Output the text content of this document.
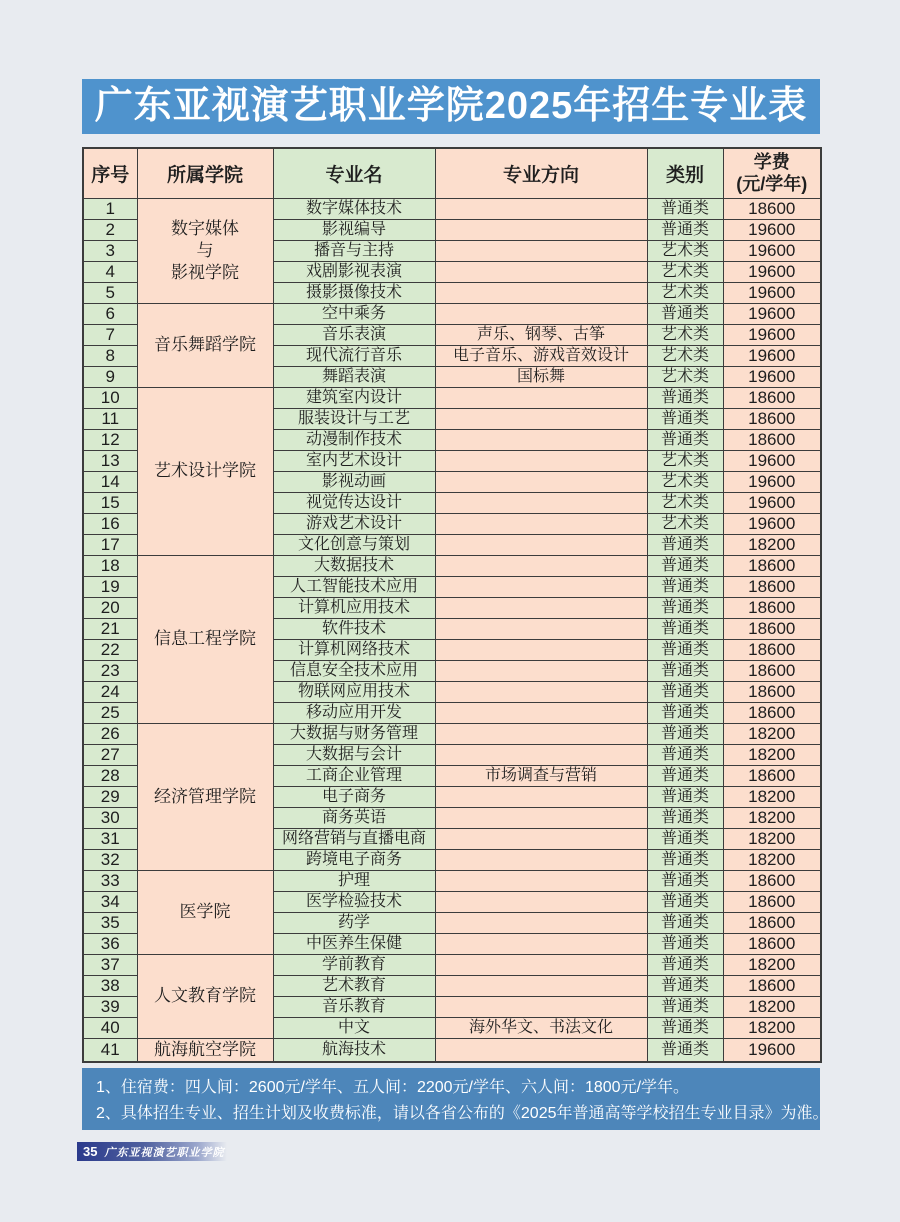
广东亚视演艺职业学院2025年招生专业表
序号	所属学院	专业名	专业方向	类别	学费
(元/学年)

1	数字媒体
与
影视学院	数字媒体技术		普通类	18600
2		影视编导		普通类	19600
3		播音与主持		艺术类	19600
4		戏剧影视表演		艺术类	19600
5		摄影摄像技术		艺术类	19600
6	音乐舞蹈学院	空中乘务		普通类	19600
7		音乐表演	声乐、钢琴、古筝	艺术类	19600
8		现代流行音乐	电子音乐、游戏音效设计	艺术类	19600
9		舞蹈表演	国标舞	艺术类	19600
10	艺术设计学院	建筑室内设计		普通类	18600
11		服装设计与工艺		普通类	18600
12		动漫制作技术		普通类	18600
13		室内艺术设计		艺术类	19600
14		影视动画		艺术类	19600
15		视觉传达设计		艺术类	19600
16		游戏艺术设计		艺术类	19600
17		文化创意与策划		普通类	18200
18	信息工程学院	大数据技术		普通类	18600
19		人工智能技术应用		普通类	18600
20		计算机应用技术		普通类	18600
21		软件技术		普通类	18600
22		计算机网络技术		普通类	18600
23		信息安全技术应用		普通类	18600
24		物联网应用技术		普通类	18600
25		移动应用开发		普通类	18600
26	经济管理学院	大数据与财务管理		普通类	18200
27		大数据与会计		普通类	18200
28		工商企业管理	市场调查与营销	普通类	18600
29		电子商务		普通类	18200
30		商务英语		普通类	18200
31		网络营销与直播电商		普通类	18200
32		跨境电子商务		普通类	18200
33	医学院	护理		普通类	18600
34		医学检验技术		普通类	18600
35		药学		普通类	18600
36		中医养生保健		普通类	18600
37	人文教育学院	学前教育		普通类	18200
38		艺术教育		普通类	18600
39		音乐教育		普通类	18200
40		中文	海外华文、书法文化	普通类	18200
41	航海航空学院	航海技术		普通类	19600
1、住宿费：四人间：2600元/学年、五人间：2200元/学年、六人间：1800元/学年。
2、具体招生专业、招生计划及收费标准，请以各省公布的《2025年普通高等学校招生专业目录》为准。
35 广东亚视演艺职业学院
